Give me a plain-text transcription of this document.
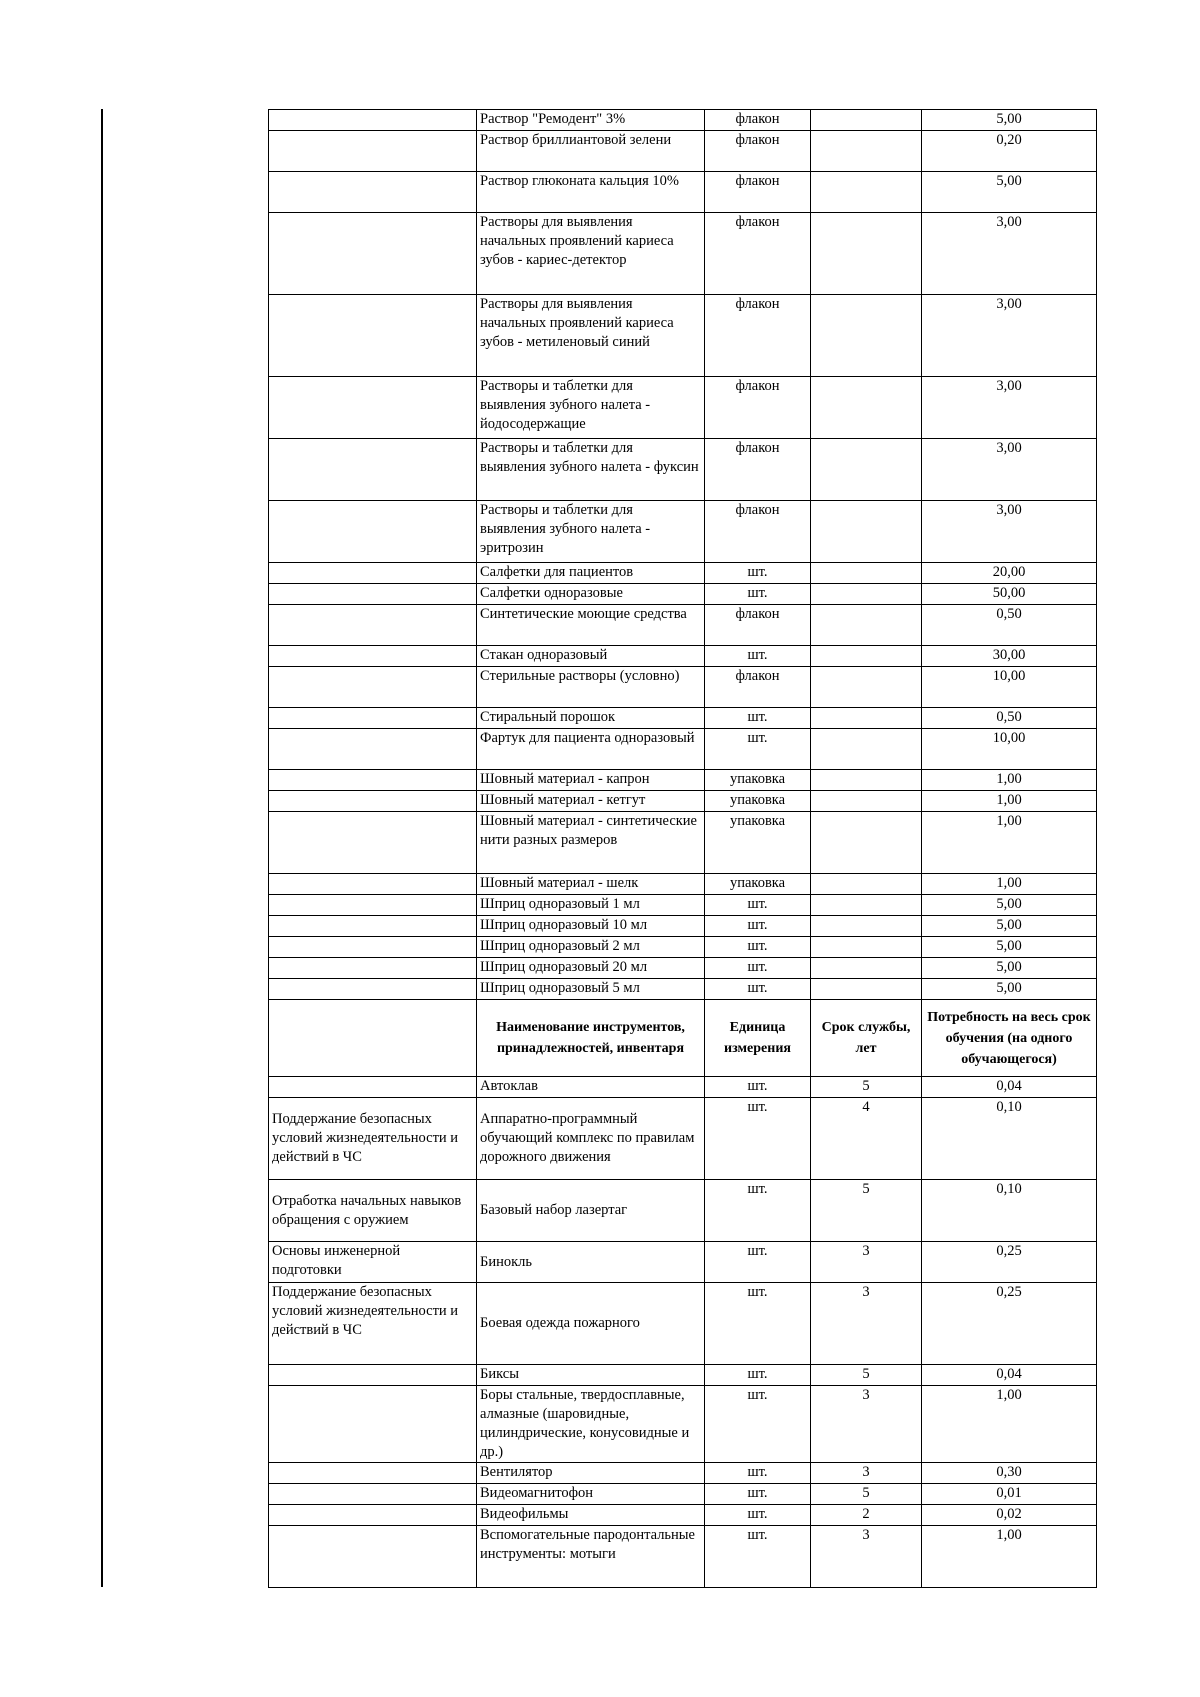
	Раствор "Ремодент" 3%	флакон		5,00
	Раствор бриллиантовой зелени	флакон		0,20
	Раствор глюконата кальция 10%	флакон		5,00
	Растворы для выявления начальных проявлений кариеса зубов - кариес-детектор	флакон		3,00
	Растворы для выявления начальных проявлений кариеса зубов - метиленовый синий	флакон		3,00
	Растворы и таблетки для выявления зубного налета - йодосодержащие	флакон		3,00
	Растворы и таблетки для выявления зубного налета - фуксин	флакон		3,00
	Растворы и таблетки для выявления зубного налета - эритрозин	флакон		3,00
	Салфетки для пациентов	шт.		20,00
	Салфетки одноразовые	шт.		50,00
	Синтетические моющие средства	флакон		0,50
	Стакан одноразовый	шт.		30,00
	Стерильные растворы (условно)	флакон		10,00
	Стиральный порошок	шт.		0,50
	Фартук для пациента одноразовый	шт.		10,00
	Шовный материал - капрон	упаковка		1,00
	Шовный материал - кетгут	упаковка		1,00
	Шовный материал - синтетические нити разных размеров	упаковка		1,00
	Шовный материал - шелк	упаковка		1,00
	Шприц одноразовый 1 мл	шт.		5,00
	Шприц одноразовый 10 мл	шт.		5,00
	Шприц одноразовый 2 мл	шт.		5,00
	Шприц одноразовый 20 мл	шт.		5,00
	Шприц одноразовый 5 мл	шт.		5,00
	Наименование инструментов, принадлежностей, инвентаря	Единица измерения	Срок службы, лет	Потребность на весь срок обучения (на одного обучающегося)
	Автоклав	шт.	5	0,04
Поддержание безопасных условий жизнедеятельности и действий в ЧС	Аппаратно-программный обучающий комплекс по правилам дорожного движения	шт.	4	0,10
Отработка начальных навыков обращения с оружием	Базовый набор лазертаг	шт.	5	0,10
Основы инженерной подготовки	Бинокль	шт.	3	0,25
Поддержание безопасных условий жизнедеятельности и действий в ЧС	Боевая одежда пожарного	шт.	3	0,25
	Биксы	шт.	5	0,04
	Боры стальные, твердосплавные, алмазные (шаровидные, цилиндрические, конусовидные и др.)	шт.	3	1,00
	Вентилятор	шт.	3	0,30
	Видеомагнитофон	шт.	5	0,01
	Видеофильмы	шт.	2	0,02
	Вспомогательные пародонтальные инструменты: мотыги	шт.	3	1,00
